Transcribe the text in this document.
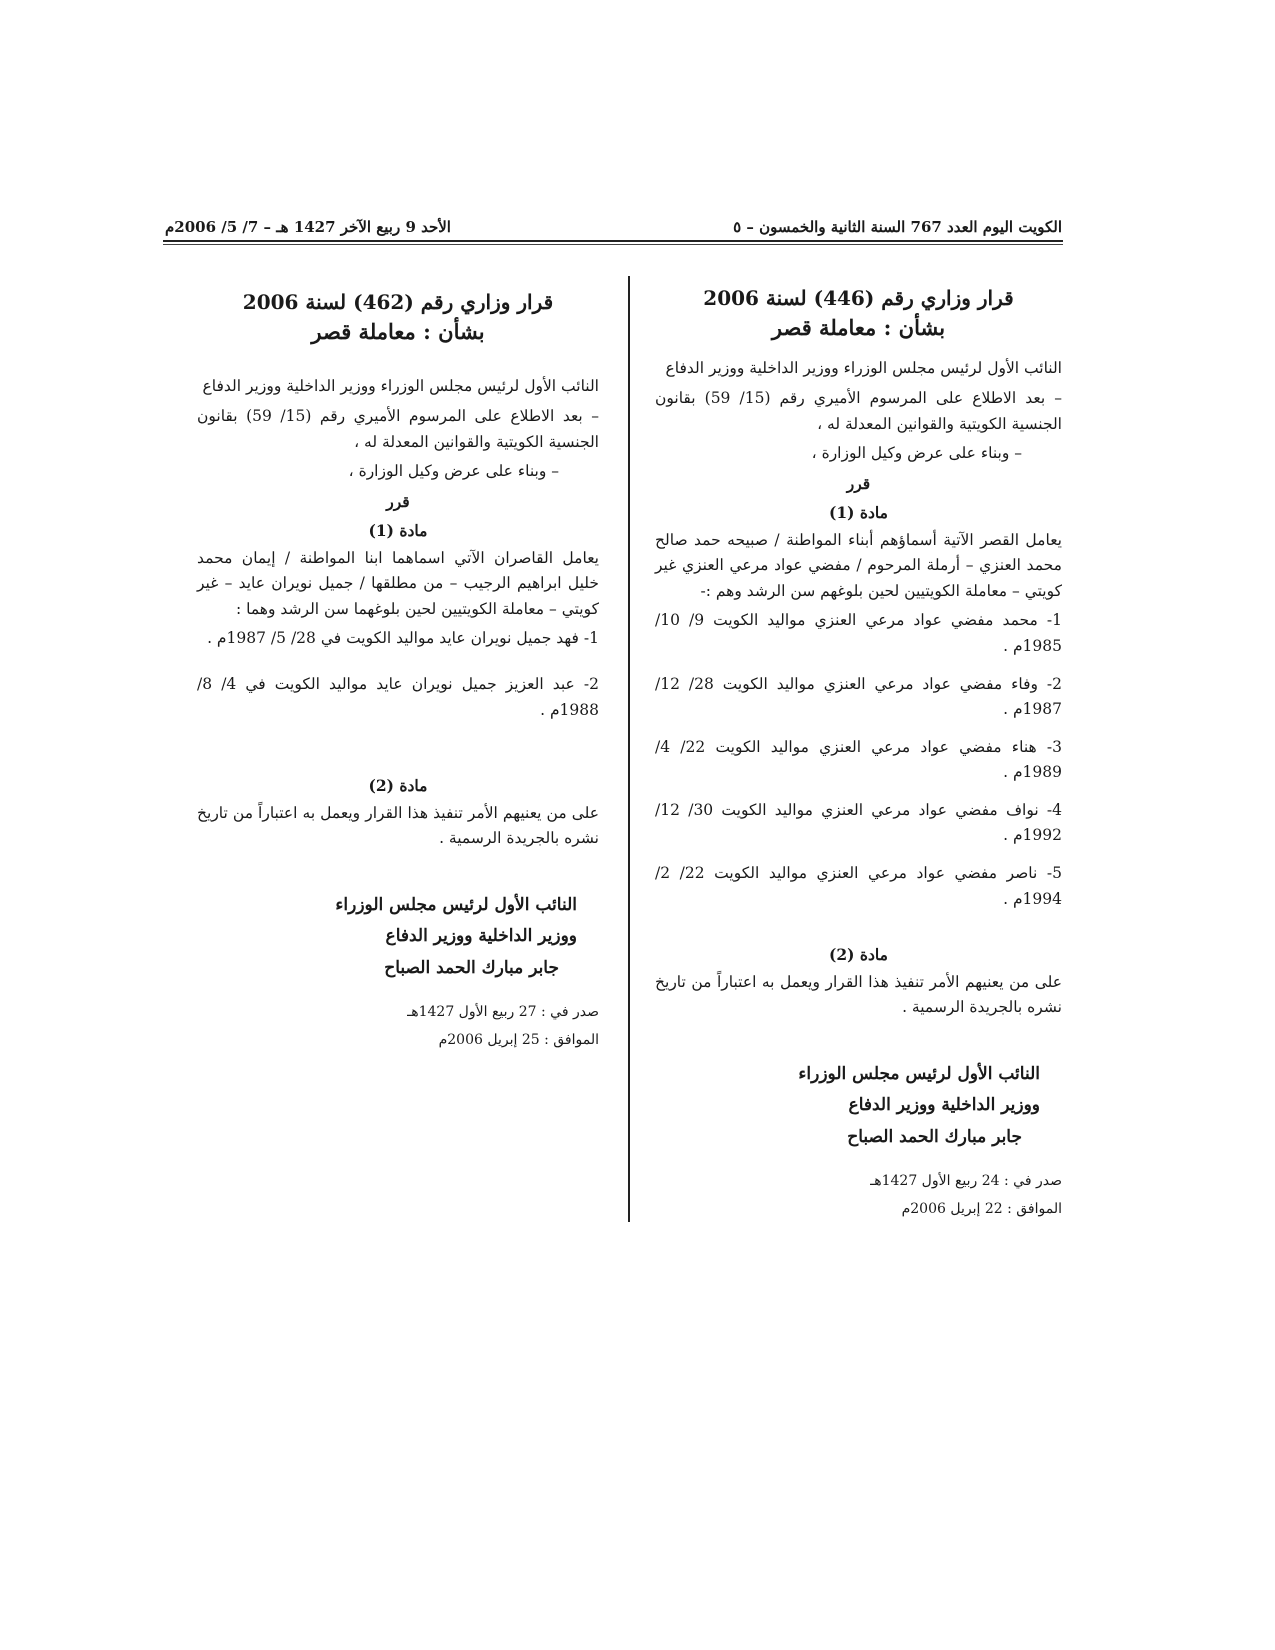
الكويت اليوم العدد 767 السنة الثانية والخمسون – ٥
الأحد 9 ربيع الآخر 1427 هـ – 7/ 5/ 2006م
قرار وزاري رقم (446) لسنة 2006
بشأن : معاملة قصر

النائب الأول لرئيس مجلس الوزراء ووزير الداخلية ووزير الدفاع

– بعد الاطلاع على المرسوم الأميري رقم (15/ 59) بقانون الجنسية الكويتية والقوانين المعدلة له ،

– وبناء على عرض وكيل الوزارة ،

قرر

مادة (1)

يعامل القصر الآتية أسماؤهم أبناء المواطنة / صبيحه حمد صالح محمد العنزي – أرملة المرحوم / مفضي عواد مرعي العنزي غير كويتي – معاملة الكويتيين لحين بلوغهم سن الرشد وهم :-

1- محمد مفضي عواد مرعي العنزي مواليد الكويت 9/ 10/ 1985م .
2- وفاء مفضي عواد مرعي العنزي مواليد الكويت 28/ 12/ 1987م .
3- هناء مفضي عواد مرعي العنزي مواليد الكويت 22/ 4/ 1989م .
4- نواف مفضي عواد مرعي العنزي مواليد الكويت 30/ 12/ 1992م .
5- ناصر مفضي عواد مرعي العنزي مواليد الكويت 22/ 2/ 1994م .

مادة (2)

على من يعنيهم الأمر تنفيذ هذا القرار ويعمل به اعتباراً من تاريخ نشره بالجريدة الرسمية .

النائب الأول لرئيس مجلس الوزراء

ووزير الداخلية ووزير الدفاع

جابر مبارك الحمد الصباح

صدر في : 24 ربيع الأول 1427هـ

الموافق : 22 إبريل 2006م

قرار وزاري رقم (462) لسنة 2006
بشأن : معاملة قصر

النائب الأول لرئيس مجلس الوزراء ووزير الداخلية ووزير الدفاع

– بعد الاطلاع على المرسوم الأميري رقم (15/ 59) بقانون الجنسية الكويتية والقوانين المعدلة له ،

– وبناء على عرض وكيل الوزارة ،

قرر

مادة (1)

يعامل القاصران الآتي اسماهما ابنا المواطنة / إيمان محمد خليل ابراهيم الرجيب – من مطلقها / جميل نويران عايد – غير كويتي – معاملة الكويتيين لحين بلوغهما سن الرشد وهما :

1- فهد جميل نويران عايد مواليد الكويت في 28/ 5/ 1987م .
2- عبد العزيز جميل نويران عايد مواليد الكويت في 4/ 8/ 1988م .

مادة (2)

على من يعنيهم الأمر تنفيذ هذا القرار ويعمل به اعتباراً من تاريخ نشره بالجريدة الرسمية .

النائب الأول لرئيس مجلس الوزراء

ووزير الداخلية ووزير الدفاع

جابر مبارك الحمد الصباح

صدر في : 27 ربيع الأول 1427هـ

الموافق : 25 إبريل 2006م
